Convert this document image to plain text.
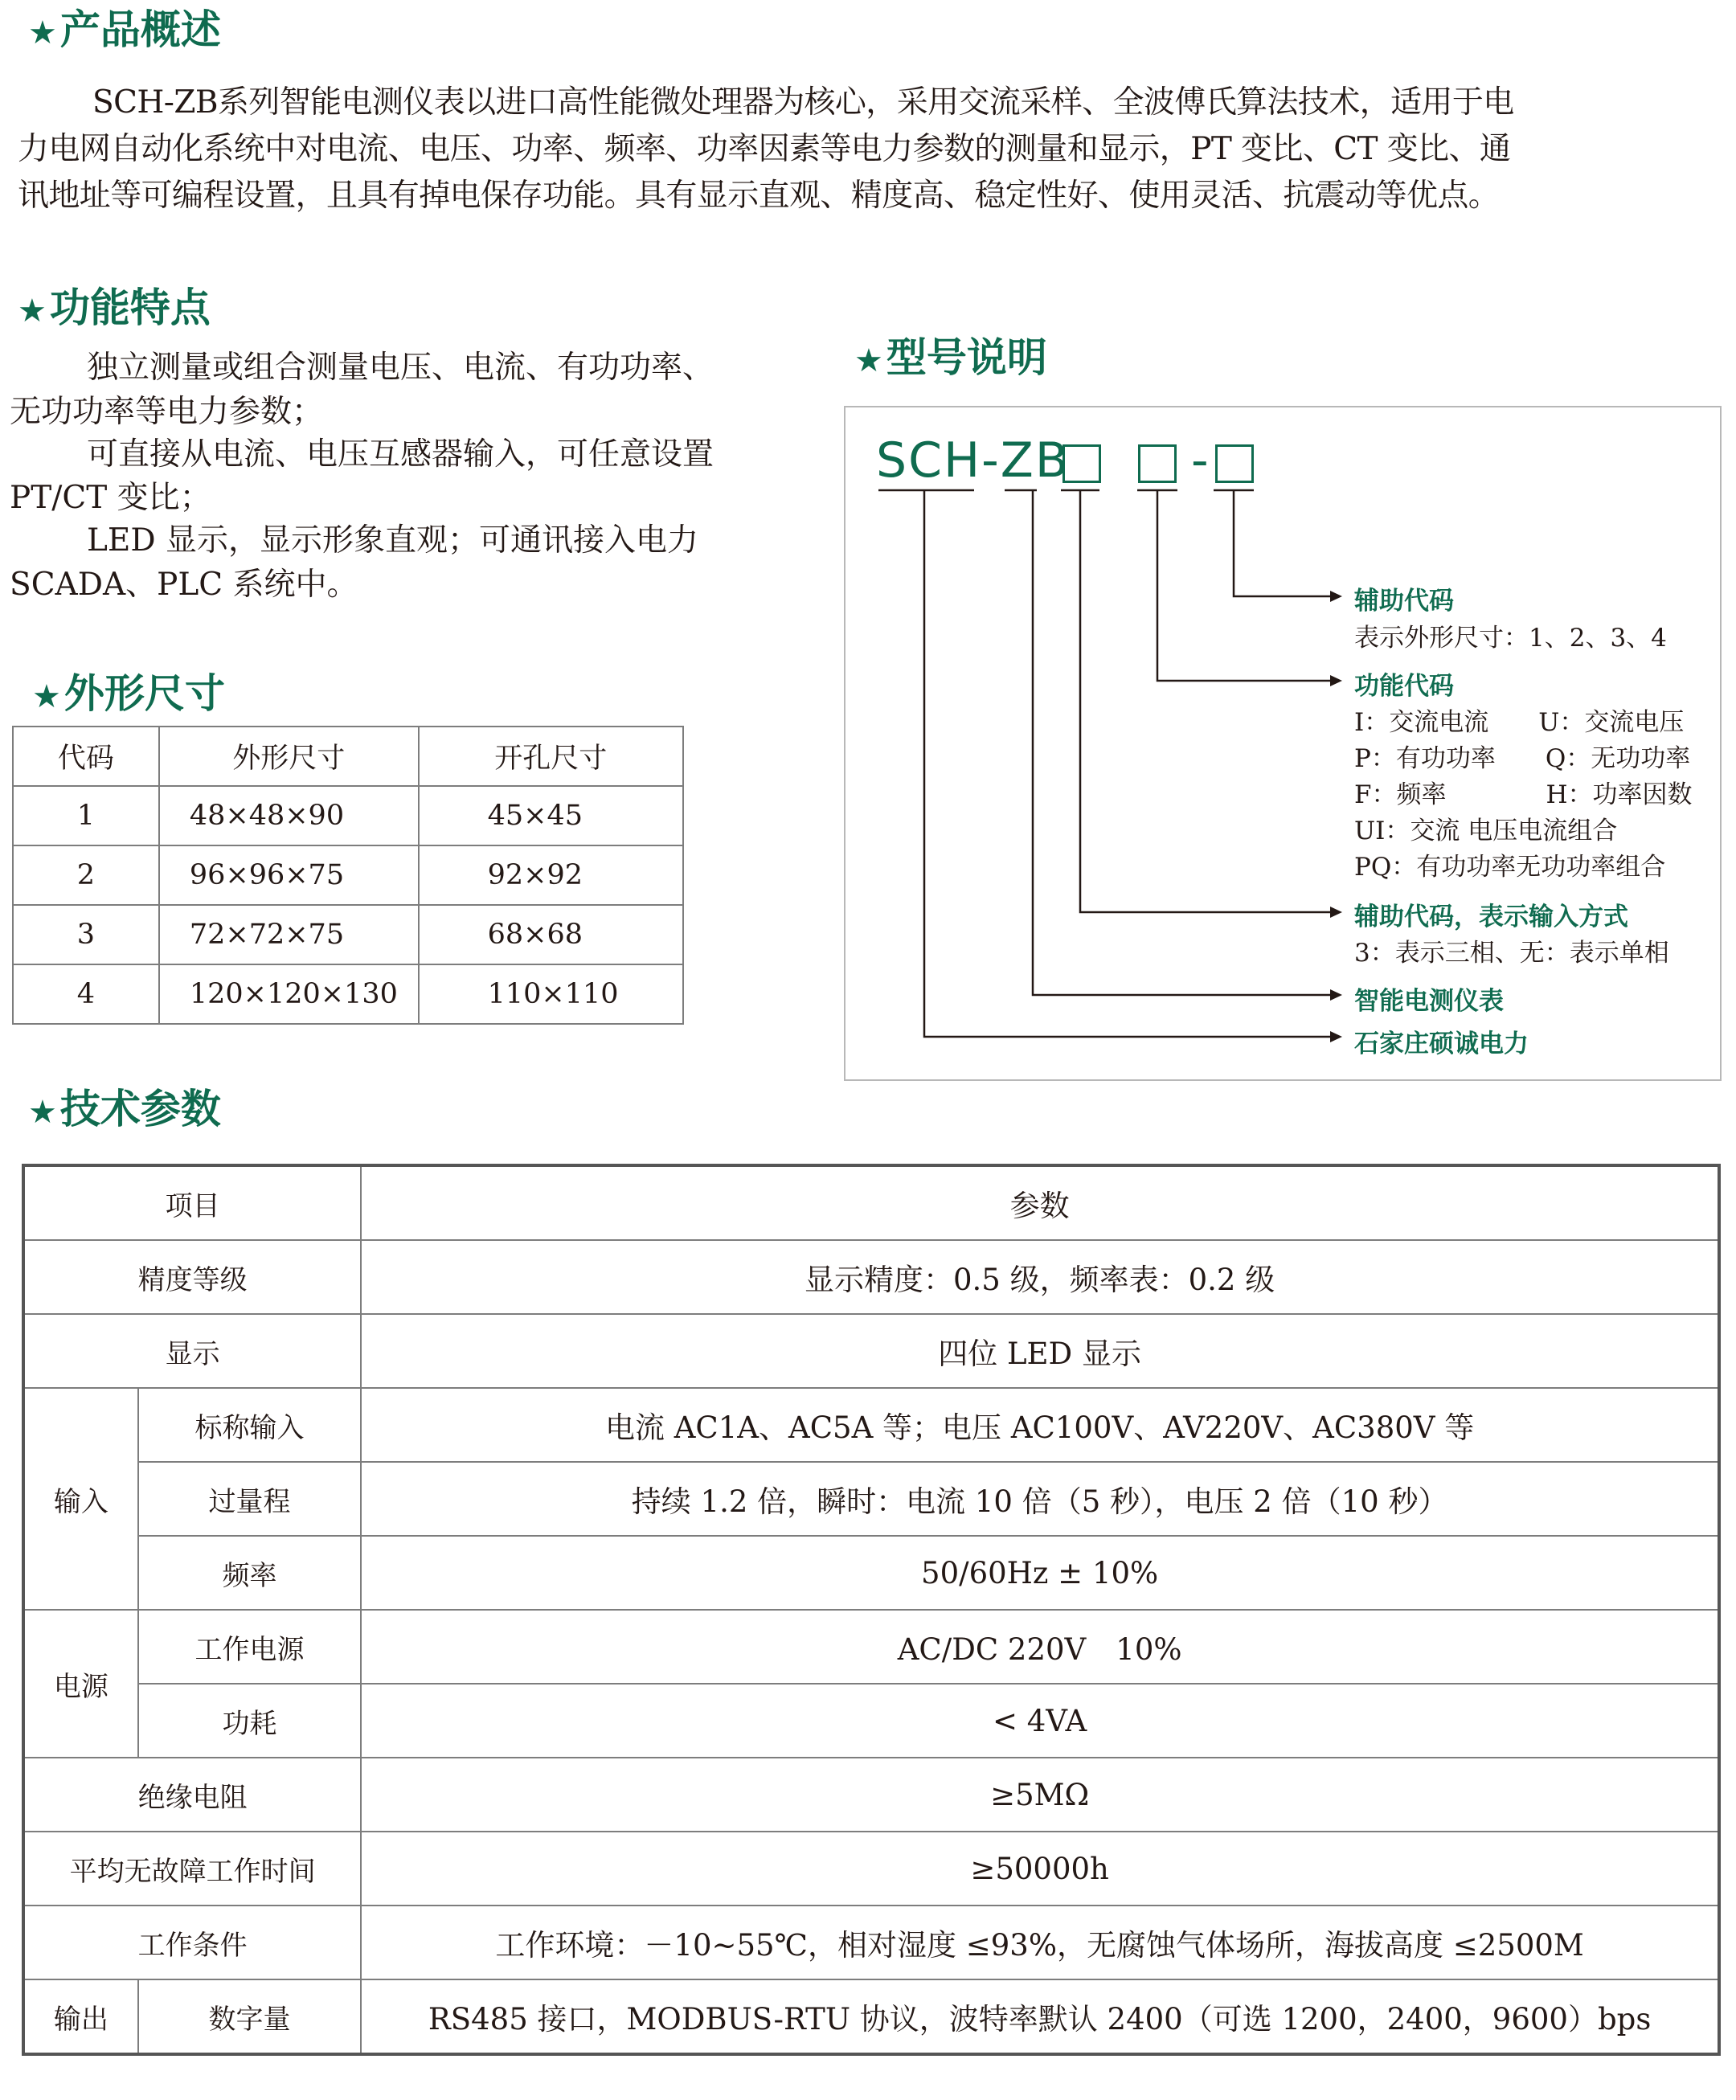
★产品概述

SCH-ZB系列智能电测仪表以进口高性能微处理器为核心，采用交流采样、全波傅氏算法技术，适用于电

力电网自动化系统中对电流、电压、功率、频率、功率因素等电力参数的测量和显示，PT 变比、CT 变比、通

讯地址等可编程设置，且具有掉电保存功能。具有显示直观、精度高、稳定性好、使用灵活、抗震动等优点。

★功能特点

独立测量或组合测量电压、电流、有功功率、

无功功率等电力参数；

可直接从电流、电压互感器输入，可任意设置

PT/CT 变比；

LED 显示，显示形象直观；可通讯接入电力

SCADA、PLC 系统中。

★外形尺寸
代码	外形尺寸	开孔尺寸
1	48×48×90	45×45
2	96×96×75	92×92
3	72×72×75	68×68
4	120×120×130	110×110
★型号说明

SCH-ZB	-

辅助代码

表示外形尺寸：1、2、3、4

功能代码

I：交流电流　　U：交流电压

P：有功功率　　Q：无功功率

F：频率　　　　H：功率因数

UI：交流 电压电流组合

PQ：有功功率无功功率组合

辅助代码，表示输入方式

3：表示三相、无：表示单相

智能电测仪表

石家庄硕诚电力

★技术参数
项目		参数
精度等级		显示精度：0.5 级，频率表：0.2 级
显示		四位 LED 显示
输入	标称输入	电流 AC1A、AC5A 等；电压 AC100V、AV220V、AC380V 等
	过量程	持续 1.2 倍，瞬时：电流 10 倍（5 秒），电压 2 倍（10 秒）
	频率	50/60Hz ± 10%
电源	工作电源	AC/DC 220V　10%
	功耗	< 4VA
绝缘电阻		≥5MΩ
平均无故障工作时间		≥50000h
工作条件		工作环境：－10~55℃，相对湿度 ≤93%，无腐蚀气体场所，海拔高度 ≤2500M
输出	数字量	RS485 接口，MODBUS-RTU 协议，波特率默认 2400（可选 1200，2400，9600）bps
